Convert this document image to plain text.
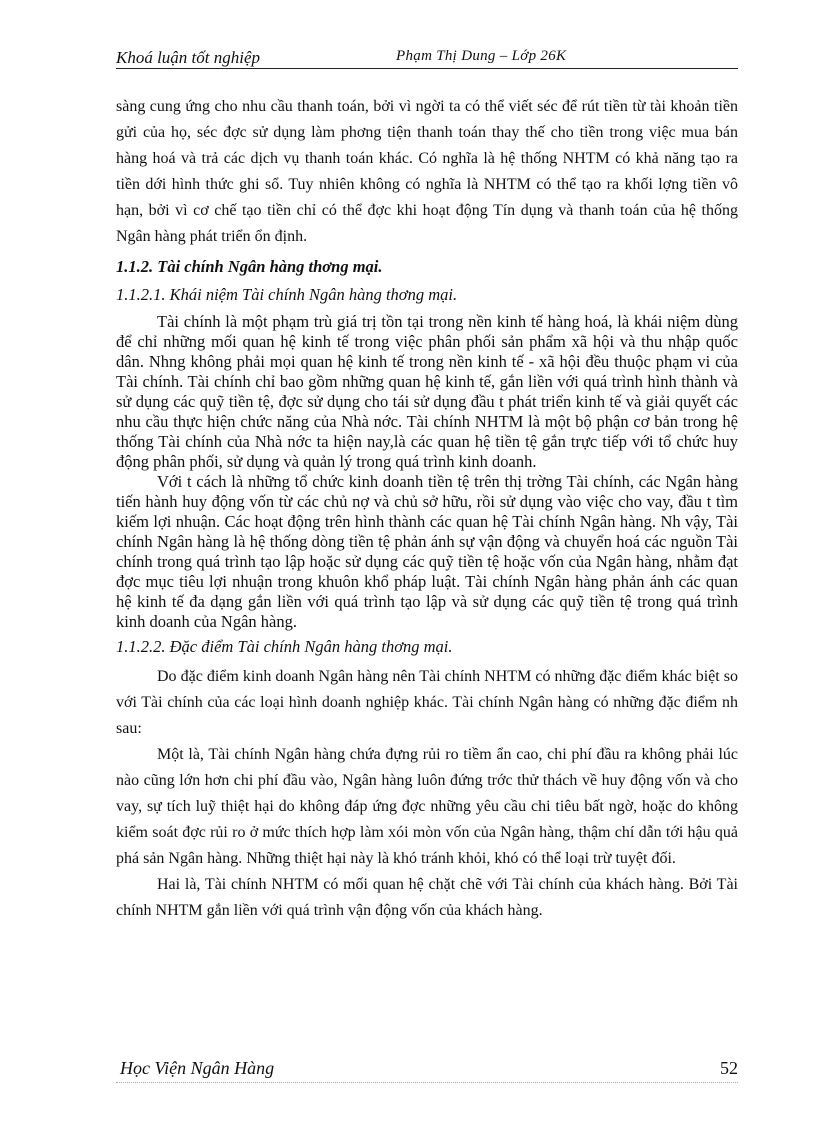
Khoá luận tốt nghiệp	Phạm Thị Dung – Lớp 26K

sàng cung ứng cho nhu cầu thanh toán, bởi vì ngời ta có thể viết séc để rút tiền từ tài khoản tiền gửi của họ, séc đợc sử dụng làm phơng tiện thanh toán thay thế cho tiền trong việc mua bán hàng hoá và trả các dịch vụ thanh toán khác. Có nghĩa là hệ thống NHTM có khả năng tạo ra tiền dới hình thức ghi sổ. Tuy nhiên không có nghĩa là NHTM có thể tạo ra khối lợng tiền vô hạn, bởi vì cơ chế tạo tiền chỉ có thể đợc khi hoạt động Tín dụng và thanh toán của hệ thống Ngân hàng phát triển ổn định.

1.1.2. Tài chính Ngân hàng thơng mại.
1.1.2.1. Khái niệm Tài chính Ngân hàng thơng mại.

Tài chính là một phạm trù giá trị tồn tại trong nền kinh tế hàng hoá, là khái niệm dùng để chỉ những mối quan hệ kinh tế trong việc phân phối sản phẩm xã hội và thu nhập quốc dân. Nhng không phải mọi quan hệ kinh tế trong nền kinh tế - xã hội đều thuộc phạm vi của Tài chính. Tài chính chỉ bao gồm những quan hệ kinh tế, gắn liền với quá trình hình thành và sử dụng các quỹ tiền tệ, đợc sử dụng cho tái sử dụng đầu t phát triển kinh tế và giải quyết các nhu cầu thực hiện chức năng của Nhà nớc. Tài chính NHTM là một bộ phận cơ bản trong hệ thống Tài chính của Nhà nớc ta hiện nay,là các quan hệ tiền tệ gắn trực tiếp với tổ chức huy động phân phối, sử dụng và quản lý trong quá trình kinh doanh.

Với t cách là những tổ chức kinh doanh tiền tệ trên thị trờng Tài chính, các Ngân hàng tiến hành huy động vốn từ các chủ nợ và chủ sở hữu, rồi sử dụng vào việc cho vay, đầu t tìm kiếm lợi nhuận. Các hoạt động trên hình thành các quan hệ Tài chính Ngân hàng. Nh vậy, Tài chính Ngân hàng là hệ thống dòng tiền tệ phản ánh sự vận động và chuyển hoá các nguồn Tài chính trong quá trình tạo lập hoặc sử dụng các quỹ tiền tệ hoặc vốn của Ngân hàng, nhằm đạt đợc mục tiêu lợi nhuận trong khuôn khổ pháp luật. Tài chính Ngân hàng phản ánh các quan hệ kinh tế đa dạng gắn liền với quá trình tạo lập và sử dụng các quỹ tiền tệ trong quá trình kinh doanh của Ngân hàng.

1.1.2.2. Đặc điểm Tài chính Ngân hàng thơng mại.

Do đặc điểm kinh doanh Ngân hàng nên Tài chính NHTM có những đặc điểm khác biệt so với Tài chính của các loại hình doanh nghiệp khác. Tài chính Ngân hàng có những đặc điểm nh sau:

Một là, Tài chính Ngân hàng chứa đựng rủi ro tiềm ẩn cao, chi phí đầu ra không phải lúc nào cũng lớn hơn chi phí đầu vào, Ngân hàng luôn đứng trớc thử thách về huy động vốn và cho vay, sự tích luỹ thiệt hại do không đáp ứng đợc những yêu cầu chi tiêu bất ngờ, hoặc do không kiểm soát đợc rủi ro ở mức thích hợp làm xói mòn vốn của Ngân hàng, thậm chí dẫn tới hậu quả phá sản Ngân hàng. Những thiệt hại này là khó tránh khỏi, khó có thể loại trừ tuyệt đối.

Hai là, Tài chính NHTM có mối quan hệ chặt chẽ với Tài chính của khách hàng. Bởi Tài chính NHTM gắn liền với quá trình vận động vốn của khách hàng.

Học Viện Ngân Hàng	52
